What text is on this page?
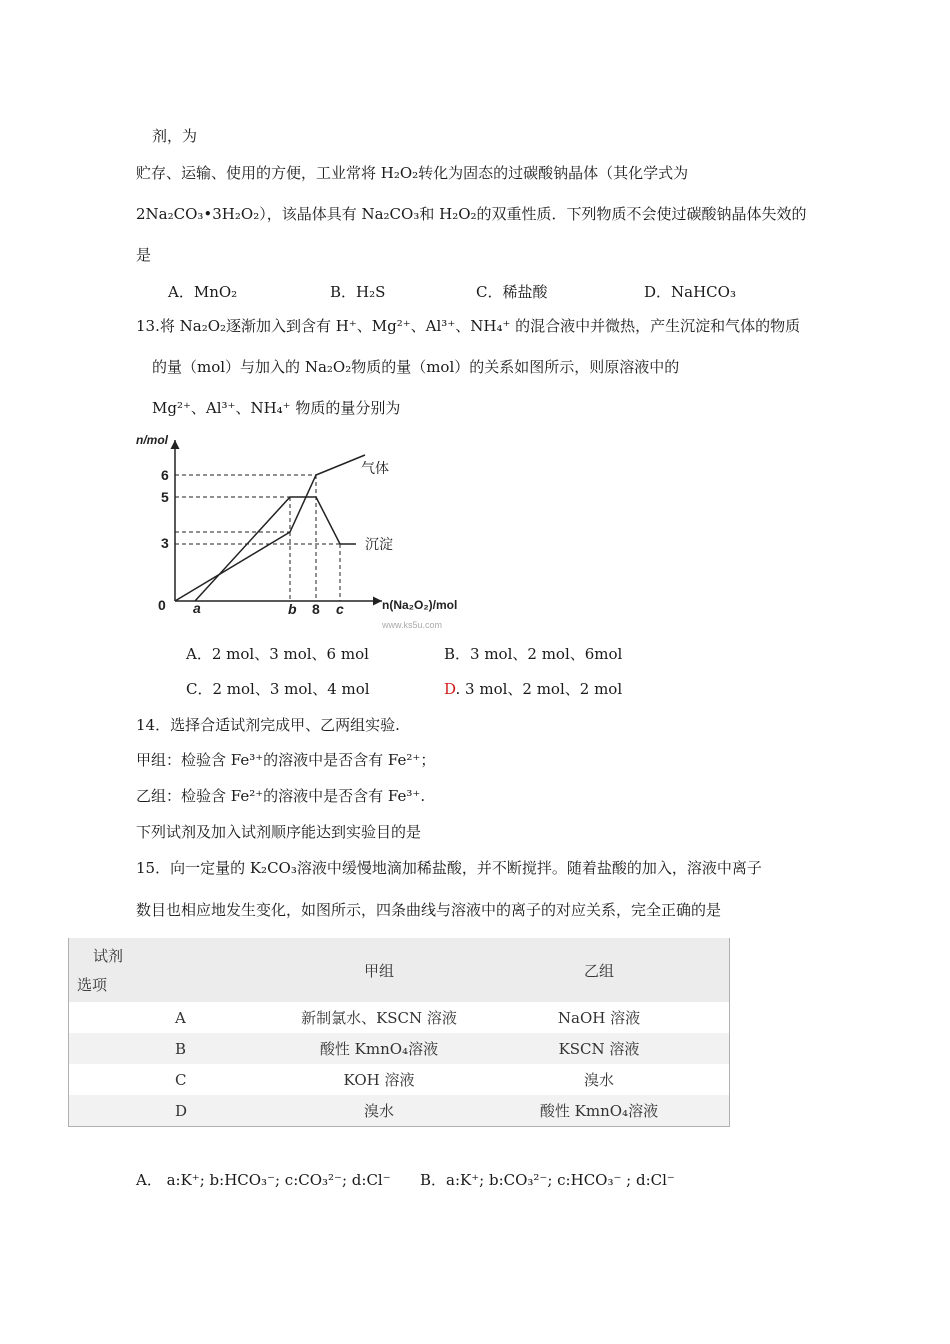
剂，为
贮存、运输、使用的方便，工业常将 H₂O₂转化为固态的过碳酸钠晶体（其化学式为
2Na₂CO₃•3H₂O₂），该晶体具有 Na₂CO₃和 H₂O₂的双重性质．下列物质不会使过碳酸钠晶体失效的
是
A．MnO₂	B．H₂S	C．稀盐酸	D．NaHCO₃
13.将 Na₂O₂逐渐加入到含有 H⁺、Mg²⁺、Al³⁺、NH₄⁺ 的混合液中并微热，产生沉淀和气体的物质
的量（mol）与加入的 Na₂O₂物质的量（mol）的关系如图所示，则原溶液中的
Mg²⁺、Al³⁺、NH₄⁺ 物质的量分别为
n/mol
n(Na₂O₂)/mol
6
5
3
0 a	b 8 c
气体
沉淀
www.ks5u.com
A．2 mol、3 mol、6 mol	B．3 mol、2 mol、6mol
C．2 mol、3 mol、4 mol	D. 3 mol、2 mol、2 mol
14．选择合适试剂完成甲、乙两组实验.
甲组：检验含 Fe³⁺的溶液中是否含有 Fe²⁺；
乙组：检验含 Fe²⁺的溶液中是否含有 Fe³⁺.
下列试剂及加入试剂顺序能达到实验目的是
15．向一定量的 K₂CO₃溶液中缓慢地滴加稀盐酸，并不断搅拌。随着盐酸的加入，溶液中离子
数目也相应地发生变化，如图所示，四条曲线与溶液中的离子的对应关系，完全正确的是
试剂
选项	甲组	乙组
A	新制氯水、KSCN 溶液	NaOH 溶液
B	酸性 KmnO₄溶液	KSCN 溶液
C	KOH 溶液	溴水
D	溴水	酸性 KmnO₄溶液
A． a:K⁺; b:HCO₃⁻; c:CO₃²⁻; d:Cl⁻ B．a:K⁺; b:CO₃²⁻; c:HCO₃⁻ ; d:Cl⁻
